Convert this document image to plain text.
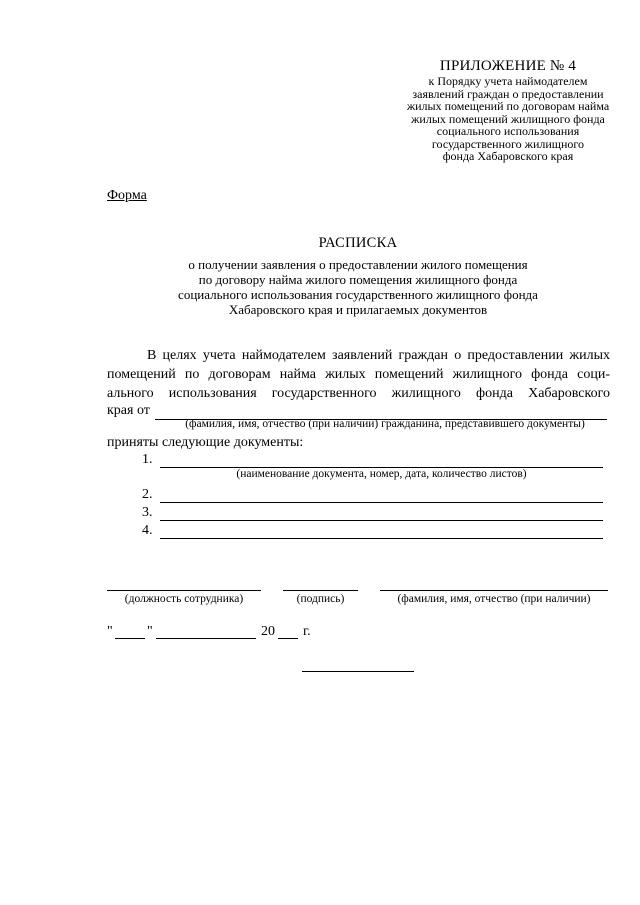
ПРИЛОЖЕНИЕ № 4
к Порядку учета наймодателем
заявлений граждан о предоставлении
жилых помещений по договорам найма
жилых помещений жилищного фонда
социального использования
государственного жилищного
фонда Хабаровского края
Форма
РАСПИСКА
о получении заявления о предоставлении жилого помещения
по договору найма жилого помещения жилищного фонда
социального использования государственного жилищного фонда
Хабаровского края и прилагаемых документов
В целях учета наймодателем заявлений граждан о предоставлении жилых
помещений по договорам найма жилых помещений жилищного фонда соци-
ального использования государственного жилищного фонда Хабаровского
края от
(фамилия, имя, отчество (при наличии) гражданина, представившего документы)
приняты следующие документы:
1.
(наименование документа, номер, дата, количество листов)
2.
3.
4.
(должность сотрудника)	(подпись)	(фамилия, имя, отчество (при наличии)
" "	20 г.
